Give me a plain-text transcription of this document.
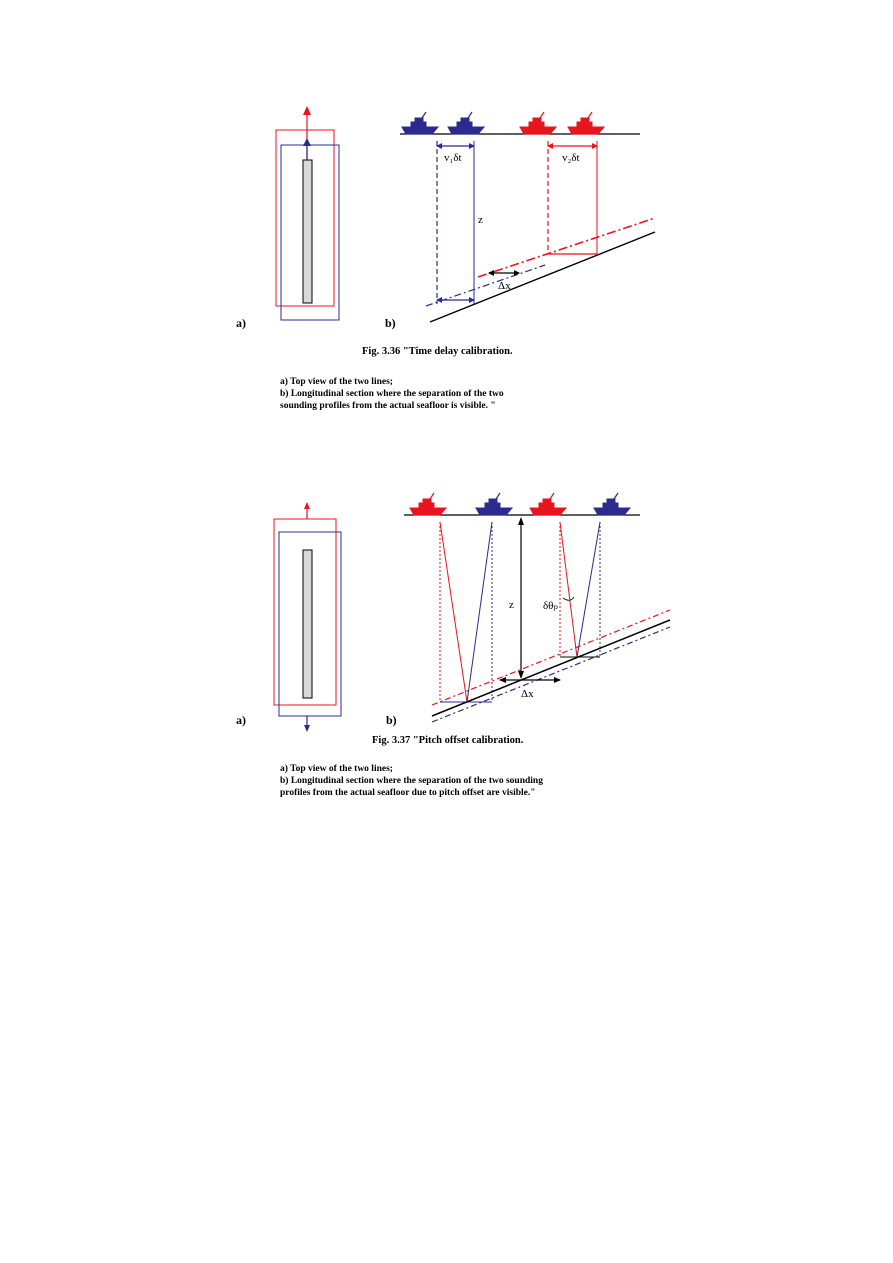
v₁δt
z
v₂δt
Δx
a)	b)
δθₚ
z
Δx
a)	b)
Fig. 3.36 "Time delay calibration.
a) Top view of the two lines;
b) Longitudinal section where the separation of the two
sounding profiles from the actual seafloor is visible. "
Fig. 3.37 "Pitch offset calibration.
a) Top view of the two lines;
b) Longitudinal section where the separation of the two sounding
profiles from the actual seafloor due to pitch offset are visible."
